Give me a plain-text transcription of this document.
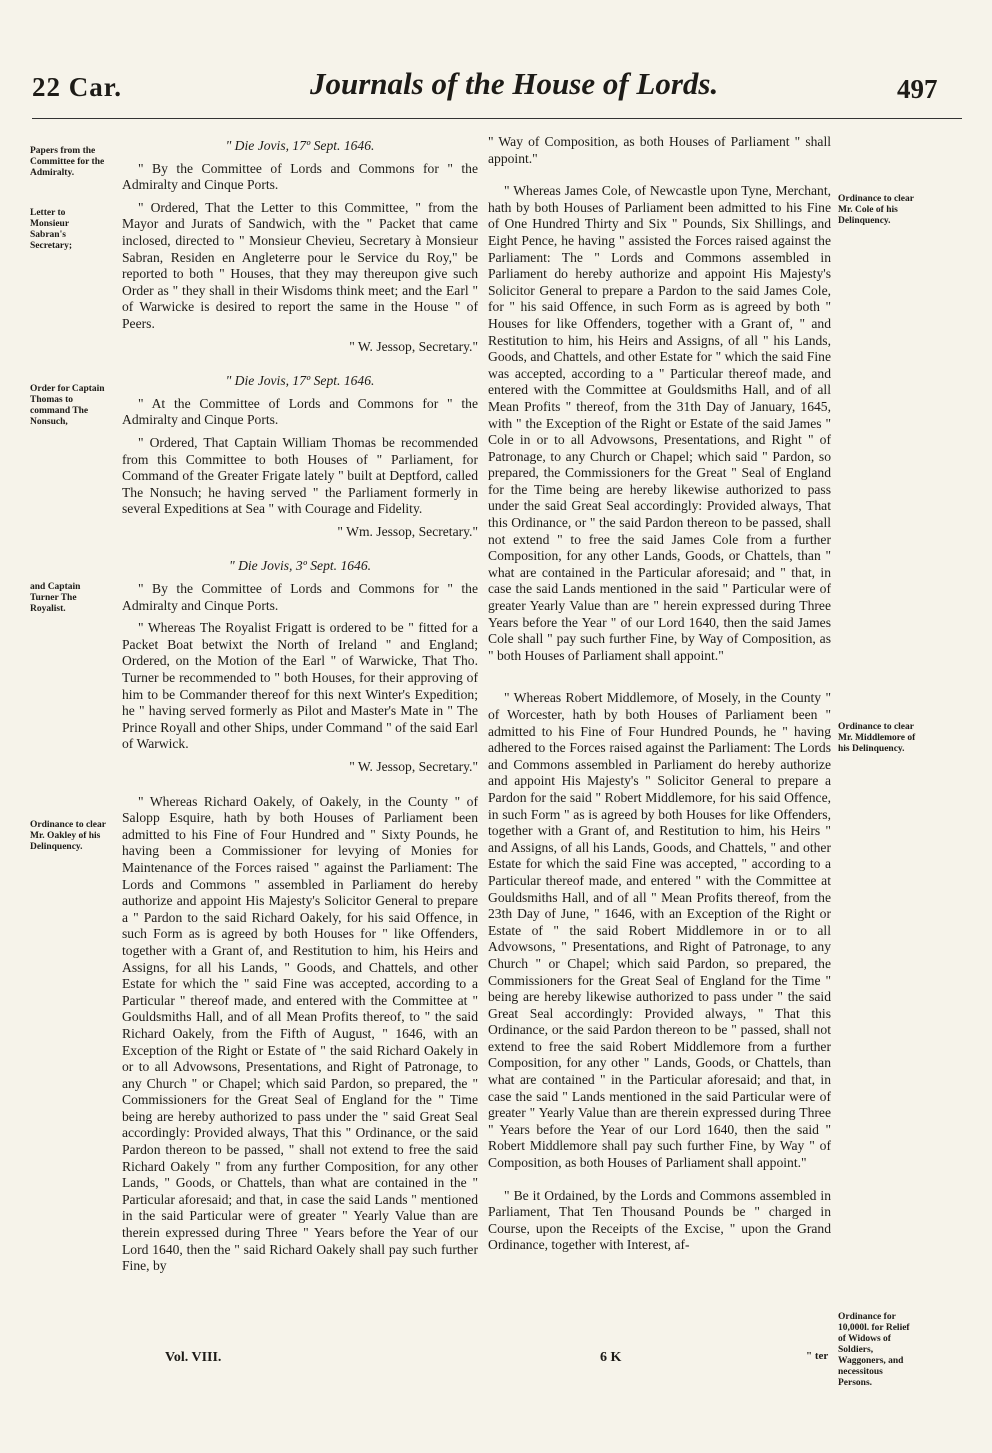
22 Car.	Journals of the House of Lords.	497
Papers from the Committee for the Admiralty.
Letter to Monsieur Sabran's Secretary;
Order for Captain Thomas to command The Nonsuch,
and Captain Turner The Royalist.
Ordinance to clear Mr. Oakley of his Delinquency.
Ordinance to clear Mr. Cole of his Delinquency.
Ordinance to clear Mr. Middlemore of his Delinquency.
Ordinance for 10,000l. for Relief of Widows of Soldiers, Waggoners, and necessitous Persons.

" Die Jovis, 17º Sept. 1646.

" By the Committee of Lords and Commons for " the Admiralty and Cinque Ports.

" Ordered, That the Letter to this Committee, " from the Mayor and Jurats of Sandwich, with the " Packet that came inclosed, directed to " Monsieur Chevieu, Secretary à Monsieur Sabran, Residen en Angleterre pour le Service du Roy," be reported to both " Houses, that they may thereupon give such Order as " they shall in their Wisdoms think meet; and the Earl " of Warwicke is desired to report the same in the House " of Peers.

" W. Jessop, Secretary."

" Die Jovis, 17º Sept. 1646.

" At the Committee of Lords and Commons for " the Admiralty and Cinque Ports.

" Ordered, That Captain William Thomas be recommended from this Committee to both Houses of " Parliament, for Command of the Greater Frigate lately " built at Deptford, called The Nonsuch; he having served " the Parliament formerly in several Expeditions at Sea " with Courage and Fidelity.

" Wm. Jessop, Secretary."

" Die Jovis, 3º Sept. 1646.

" By the Committee of Lords and Commons for " the Admiralty and Cinque Ports.

" Whereas The Royalist Frigatt is ordered to be " fitted for a Packet Boat betwixt the North of Ireland " and England; Ordered, on the Motion of the Earl " of Warwicke, That Tho. Turner be recommended to " both Houses, for their approving of him to be Commander thereof for this next Winter's Expedition; he " having served formerly as Pilot and Master's Mate in " The Prince Royall and other Ships, under Command " of the said Earl of Warwick.

" W. Jessop, Secretary."

" Whereas Richard Oakely, of Oakely, in the County " of Salopp Esquire, hath by both Houses of Parliament been admitted to his Fine of Four Hundred and " Sixty Pounds, he having been a Commissioner for levying of Monies for Maintenance of the Forces raised " against the Parliament: The Lords and Commons " assembled in Parliament do hereby authorize and appoint His Majesty's Solicitor General to prepare a " Pardon to the said Richard Oakely, for his said Offence, in such Form as is agreed by both Houses for " like Offenders, together with a Grant of, and Restitution to him, his Heirs and Assigns, for all his Lands, " Goods, and Chattels, and other Estate for which the " said Fine was accepted, according to a Particular " thereof made, and entered with the Committee at " Gouldsmiths Hall, and of all Mean Profits thereof, to " the said Richard Oakely, from the Fifth of August, " 1646, with an Exception of the Right or Estate of " the said Richard Oakely in or to all Advowsons, Presentations, and Right of Patronage, to any Church " or Chapel; which said Pardon, so prepared, the " Commissioners for the Great Seal of England for the " Time being are hereby authorized to pass under the " said Great Seal accordingly: Provided always, That this " Ordinance, or the said Pardon thereon to be passed, " shall not extend to free the said Richard Oakely " from any further Composition, for any other Lands, " Goods, or Chattels, than what are contained in the " Particular aforesaid; and that, in case the said Lands " mentioned in the said Particular were of greater " Yearly Value than are therein expressed during Three " Years before the Year of our Lord 1640, then the " said Richard Oakely shall pay such further Fine, by

" Way of Composition, as both Houses of Parliament " shall appoint."

" Whereas James Cole, of Newcastle upon Tyne, Merchant, hath by both Houses of Parliament been admitted to his Fine of One Hundred Thirty and Six " Pounds, Six Shillings, and Eight Pence, he having " assisted the Forces raised against the Parliament: The " Lords and Commons assembled in Parliament do hereby authorize and appoint His Majesty's Solicitor General to prepare a Pardon to the said James Cole, for " his said Offence, in such Form as is agreed by both " Houses for like Offenders, together with a Grant of, " and Restitution to him, his Heirs and Assigns, of all " his Lands, Goods, and Chattels, and other Estate for " which the said Fine was accepted, according to a " Particular thereof made, and entered with the Committee at Gouldsmiths Hall, and of all Mean Profits " thereof, from the 31th Day of January, 1645, with " the Exception of the Right or Estate of the said James " Cole in or to all Advowsons, Presentations, and Right " of Patronage, to any Church or Chapel; which said " Pardon, so prepared, the Commissioners for the Great " Seal of England for the Time being are hereby likewise authorized to pass under the said Great Seal accordingly: Provided always, That this Ordinance, or " the said Pardon thereon to be passed, shall not extend " to free the said James Cole from a further Composition, for any other Lands, Goods, or Chattels, than " what are contained in the Particular aforesaid; and " that, in case the said Lands mentioned in the said " Particular were of greater Yearly Value than are " herein expressed during Three Years before the Year " of our Lord 1640, then the said James Cole shall " pay such further Fine, by Way of Composition, as " both Houses of Parliament shall appoint."

" Whereas Robert Middlemore, of Mosely, in the County " of Worcester, hath by both Houses of Parliament been " admitted to his Fine of Four Hundred Pounds, he " having adhered to the Forces raised against the Parliament: The Lords and Commons assembled in Parliament do hereby authorize and appoint His Majesty's " Solicitor General to prepare a Pardon for the said " Robert Middlemore, for his said Offence, in such Form " as is agreed by both Houses for like Offenders, together with a Grant of, and Restitution to him, his Heirs " and Assigns, of all his Lands, Goods, and Chattels, " and other Estate for which the said Fine was accepted, " according to a Particular thereof made, and entered " with the Committee at Gouldsmiths Hall, and of all " Mean Profits thereof, from the 23th Day of June, " 1646, with an Exception of the Right or Estate of " the said Robert Middlemore in or to all Advowsons, " Presentations, and Right of Patronage, to any Church " or Chapel; which said Pardon, so prepared, the Commissioners for the Great Seal of England for the Time " being are hereby likewise authorized to pass under " the said Great Seal accordingly: Provided always, " That this Ordinance, or the said Pardon thereon to be " passed, shall not extend to free the said Robert Middlemore from a further Composition, for any other " Lands, Goods, or Chattels, than what are contained " in the Particular aforesaid; and that, in case the said " Lands mentioned in the said Particular were of greater " Yearly Value than are therein expressed during Three " Years before the Year of our Lord 1640, then the said " Robert Middlemore shall pay such further Fine, by Way " of Composition, as both Houses of Parliament shall appoint."

" Be it Ordained, by the Lords and Commons assembled in Parliament, That Ten Thousand Pounds be " charged in Course, upon the Receipts of the Excise, " upon the Grand Ordinance, together with Interest, af-

Vol. VIII.	6 K	" ter
